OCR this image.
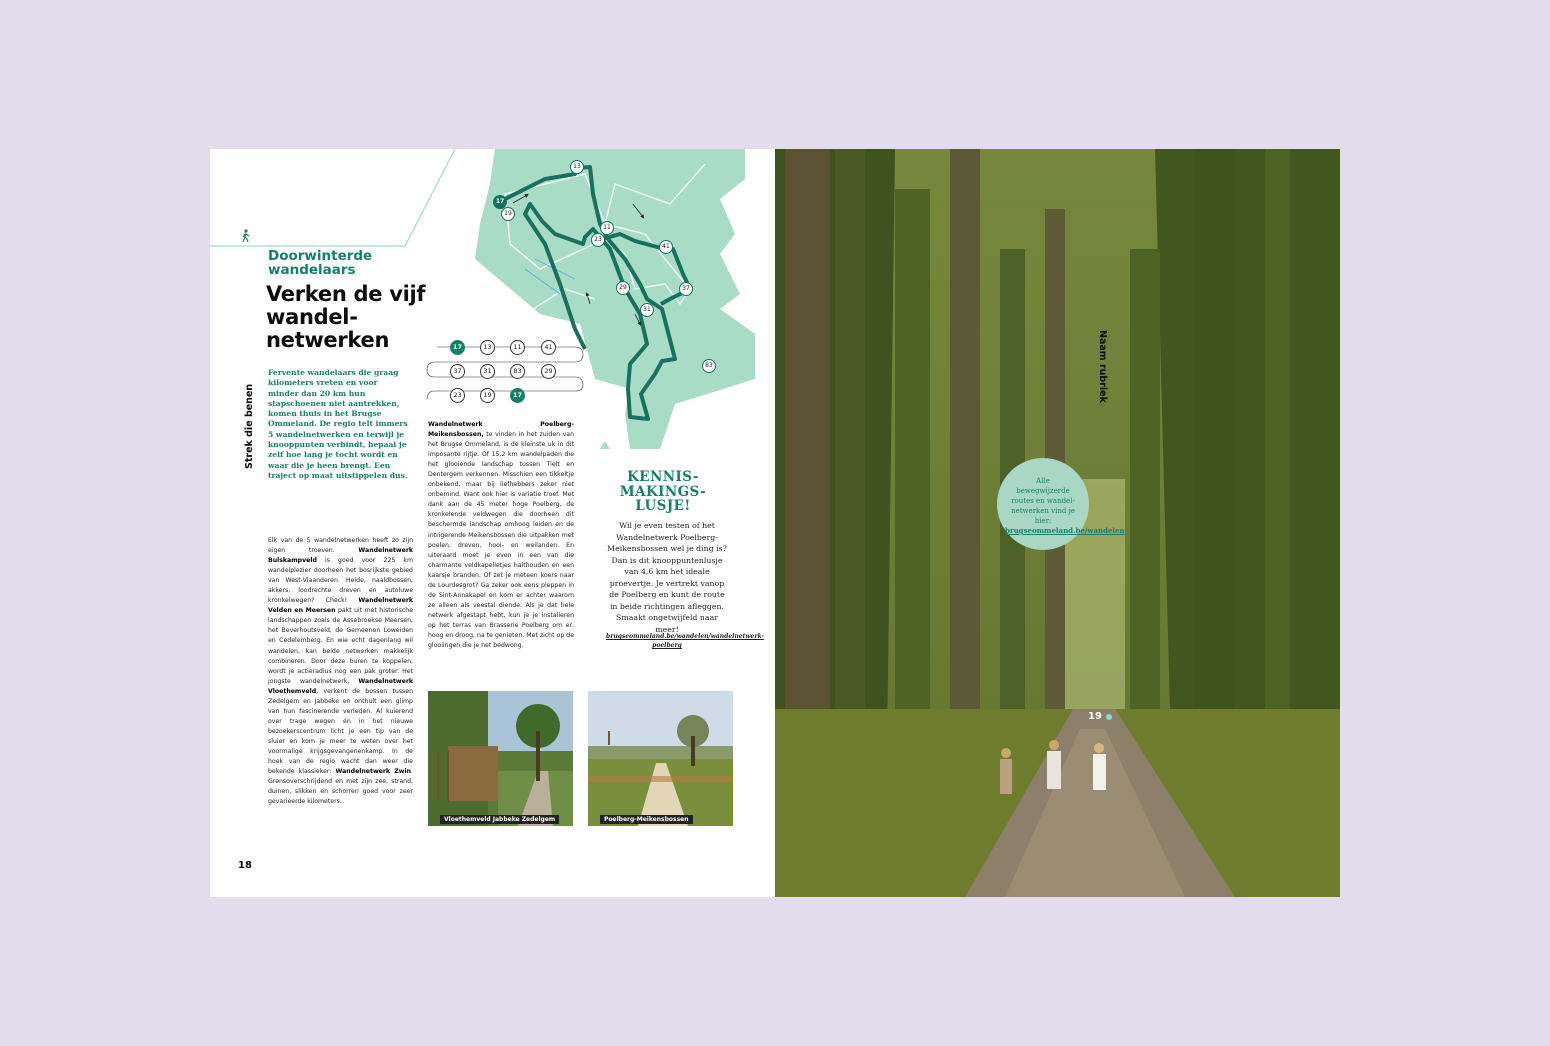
Doorwinterde wandelaars
Verken de vijf wandel-netwerken
Fervente wandelaars die graag kilometers vreten en voor minder dan 20 km hun stapschoenen niet aantrekken, komen thuis in het Brugse Ommeland. De regio telt immers 5 wandelnetwerken en terwijl je knooppunten verbindt, bepaal je zelf hoe lang je tocht wordt en waar die je heen brengt. Een traject op maat uitstippelen dus.
Strek die benen
Elk van de 5 wandelnetwerken heeft zo zijn eigen troeven. Wandelnetwerk Bulskampveld is goed voor 225 km wandelplezier doorheen het bosrijkste gebied van West-Vlaanderen. Heide, naaldbossen, akkers, loodrechte dreven en autoluwe kronkelwegen? Check! Wandelnetwerk Velden en Meersen pakt uit met historische landschappen zoals de Assebroekse Meersen, het Beverhoutsveld, de Gemeenen Loweiden en Cedelemberg. En wie echt dagenlang wil wandelen, kan beide netwerken makkelijk combineren. Door deze buren te koppelen, wordt je actieradius nog een pak groter. Het jongste wandelnetwerk, Wandelnetwerk Vloethemveld, verkent de bossen tussen Zedelgem en Jabbeke en onthult een glimp van hun fascinerende verleden. Al kuierend over trage wegen én in het nieuwe bezoekerscentrum licht je een tip van de sluier en kom je meer te weten over het voormalige krijgsgevangenenkamp. In de hoek van de regio wacht dan weer die bekende klassieker: Wandelnetwerk Zwin. Grensoverschrijdend en met zijn zee, strand, duinen, slikken en schorren goed voor zeer gevarieerde kilometers.
Wandelnetwerk Poelberg-Meikensbossen, te vinden in het zuiden van het Brugse Ommeland, is de kleinste uk in dit imposante rijtje. Of 15,2 km wandelpaden die het glooiende landschap tussen Tielt en Dentergem verkennen. Misschien een tikkeltje onbekend, maar bij liefhebbers zeker niet onbemind. Want ook hier is variatie troef. Met dank aan de 45 meter hoge Poelberg, de kronkelende veldwegen die doorheen dit beschermde landschap omhoog leiden en de intrigerende Meikensbossen die uitpakken met poelen, dreven, hooi- en weilanden. En uiteraard moet je even in een van die charmante veldkapelletjes halthouden en een kaarsje branden. Of zet je meteen koers naar de Lourdesgrot? Ga zeker ook eens pleppen in de Sint-Annakapel en kom er achter waarom ze alleen als veestal diende. Als je dat hele netwerk afgestapt hebt, kun je je installeren op het terras van Brasserie Poelberg om er, hoog en droog, na te genieten. Met zicht op de glooiingen die je net bedwong.
13
17
19
11
23
41
37
29
31
83
17	13	11	41
37	31	83	29
23	19	17
KENNIS-MAKINGS-LUSJE!
Wil je even testen of het Wandelnetwerk Poelberg-Meikensbossen wel je ding is? Dan is dit knooppuntenlusje van 4,6 km het ideale proevertje. Je vertrekt vanop de Poelberg en kunt de route in beide richtingen afleggen. Smaakt ongetwijfeld naar meer!
brugseommeland.be/wandelen/wandelnetwerk-poelberg
Vloethemveld Jabbeke Zedelgem	Poelberg-Meikensbossen
18
Naam rubriek
Alle bewegwijzerde routes en wandel-netwerken vind je hier:
brugseommeland.be/wandelen
19
